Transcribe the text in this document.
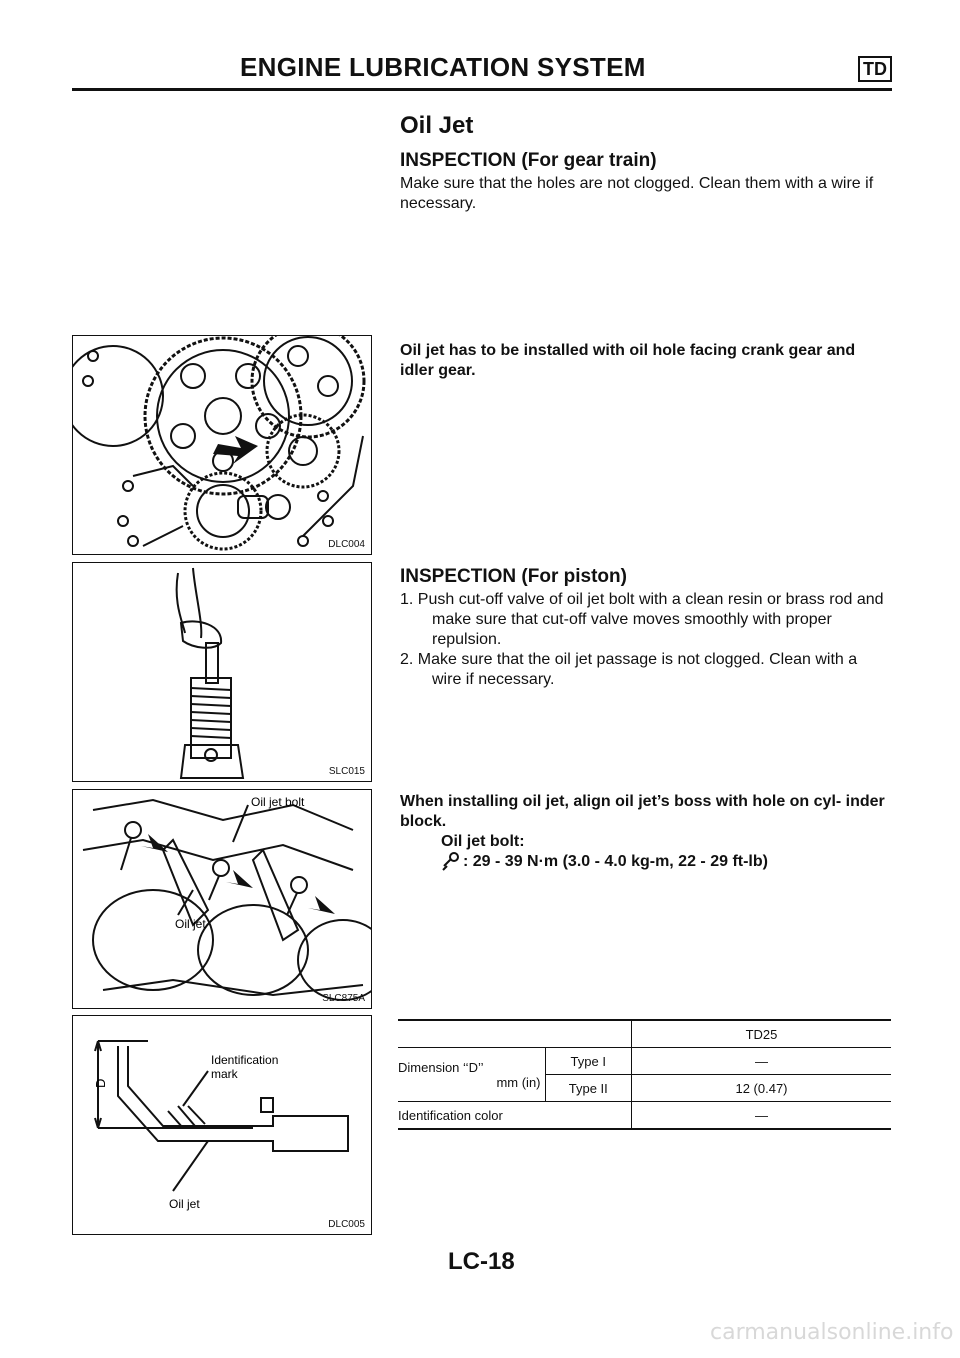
ENGINE LUBRICATION SYSTEM	TD
Oil Jet
INSPECTION (For gear train)
Make sure that the holes are not clogged. Clean them with a wire if necessary.
DLC004
Oil jet has to be installed with oil hole facing crank gear and idler gear.
SLC015
INSPECTION (For piston)
1. Push cut-off valve of oil jet bolt with a clean resin or brass rod and make sure that cut-off valve moves smoothly with proper repulsion.
2. Make sure that the oil jet passage is not clogged. Clean with a wire if necessary.
Oil jet bolt
Oil jet
SLC875A
When installing oil jet, align oil jet’s boss with hole on cyl- inder block.
Oil jet bolt:
: 29 - 39 N·m (3.0 - 4.0 kg-m, 22 - 29 ft-lb)
D
Identification
mark
Oil jet
DLC005
		TD25

Dimension ‘‘D’’
mm (in)	Type I	—
	Type II	12 (0.47)
Identification color		—
LC-18
carmanualsonline.info
